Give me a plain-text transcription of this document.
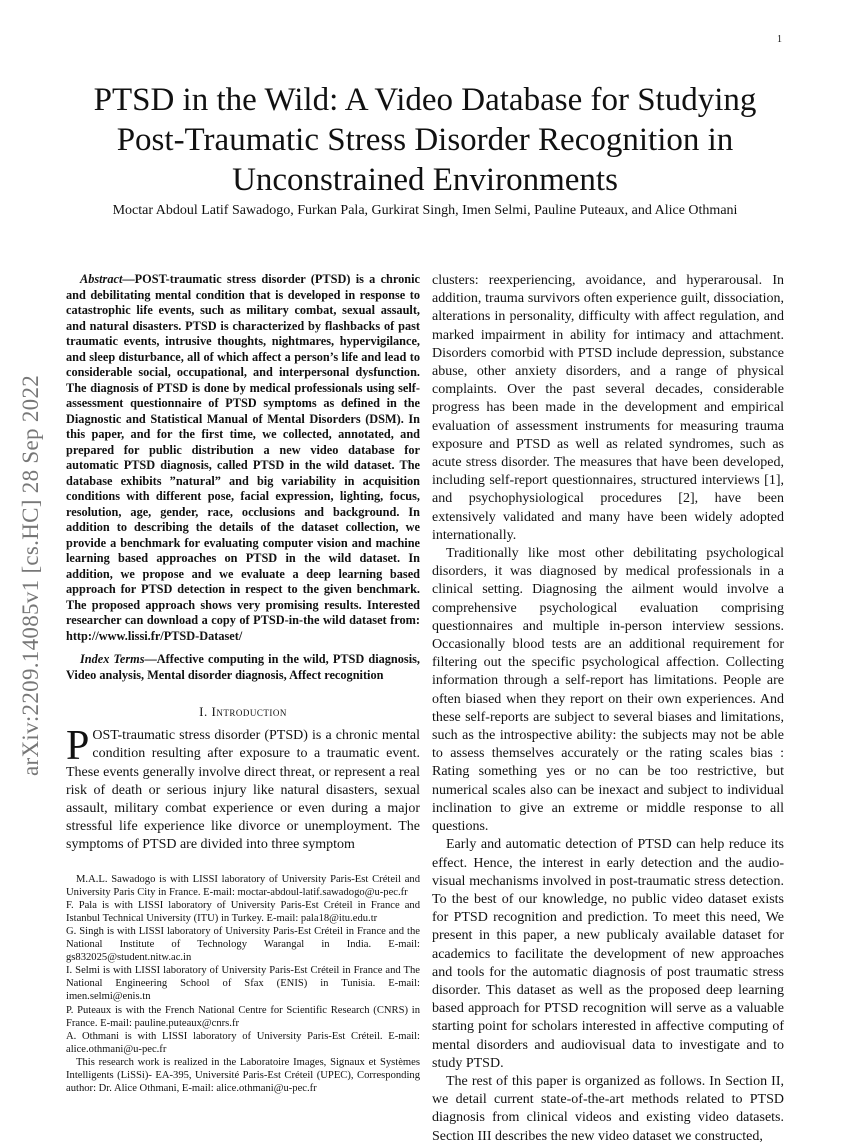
1
arXiv:2209.14085v1 [cs.HC] 28 Sep 2022
PTSD in the Wild: A Video Database for Studying Post-Traumatic Stress Disorder Recognition in Unconstrained Environments
Moctar Abdoul Latif Sawadogo, Furkan Pala, Gurkirat Singh, Imen Selmi, Pauline Puteaux, and Alice Othmani
Abstract—POST-traumatic stress disorder (PTSD) is a chronic and debilitating mental condition that is developed in response to catastrophic life events, such as military combat, sexual assault, and natural disasters. PTSD is characterized by flashbacks of past traumatic events, intrusive thoughts, nightmares, hypervigilance, and sleep disturbance, all of which affect a person’s life and lead to considerable social, occupational, and interpersonal dysfunction. The diagnosis of PTSD is done by medical professionals using self-assessment questionnaire of PTSD symptoms as defined in the Diagnostic and Statistical Manual of Mental Disorders (DSM). In this paper, and for the first time, we collected, annotated, and prepared for public distribution a new video database for automatic PTSD diagnosis, called PTSD in the wild dataset. The database exhibits ”natural” and big variability in acquisition conditions with different pose, facial expression, lighting, focus, resolution, age, gender, race, occlusions and background. In addition to describing the details of the dataset collection, we provide a benchmark for evaluating computer vision and machine learning based approaches on PTSD in the wild dataset. In addition, we propose and we evaluate a deep learning based approach for PTSD detection in respect to the given benchmark. The proposed approach shows very promising results. Interested researcher can download a copy of PTSD-in-the wild dataset from: http://www.lissi.fr/PTSD-Dataset/
Index Terms—Affective computing in the wild, PTSD diagnosis, Video analysis, Mental disorder diagnosis, Affect recognition
I. Introduction

POST-traumatic stress disorder (PTSD) is a chronic mental condition resulting after exposure to a traumatic event. These events generally involve direct threat, or represent a real risk of death or serious injury like natural disasters, sexual assault, military combat experience or even during a major stressful life experience like divorce or unemployment. The symptoms of PTSD are divided into three symptom

M.A.L. Sawadogo is with LISSI laboratory of University Paris-Est Créteil and University Paris City in France. E-mail: moctar-abdoul-latif.sawadogo@u-pec.fr

F. Pala is with LISSI laboratory of University Paris-Est Créteil in France and Istanbul Technical University (ITU) in Turkey. E-mail: pala18@itu.edu.tr

G. Singh is with LISSI laboratory of University Paris-Est Créteil in France and the National Institute of Technology Warangal in India. E-mail: gs832025@student.nitw.ac.in

I. Selmi is with LISSI laboratory of University Paris-Est Créteil in France and The National Engineering School of Sfax (ENIS) in Tunisia. E-mail: imen.selmi@enis.tn

P. Puteaux is with the French National Centre for Scientific Research (CNRS) in France. E-mail: pauline.puteaux@cnrs.fr

A. Othmani is with LISSI laboratory of University Paris-Est Créteil. E-mail: alice.othmani@u-pec.fr

This research work is realized in the Laboratoire Images, Signaux et Systèmes Intelligents (LiSSi)- EA-395, Université Paris-Est Créteil (UPEC), Corresponding author: Dr. Alice Othmani, E-mail: alice.othmani@u-pec.fr

clusters: reexperiencing, avoidance, and hyperarousal. In addition, trauma survivors often experience guilt, dissociation, alterations in personality, difficulty with affect regulation, and marked impairment in ability for intimacy and attachment. Disorders comorbid with PTSD include depression, substance abuse, other anxiety disorders, and a range of physical complaints. Over the past several decades, considerable progress has been made in the development and empirical evaluation of assessment instruments for measuring trauma exposure and PTSD as well as related syndromes, such as acute stress disorder. The measures that have been developed, including self-report questionnaires, structured interviews [1], and psychophysiological procedures [2], have been extensively validated and many have been widely adopted internationally.

Traditionally like most other debilitating psychological disorders, it was diagnosed by medical professionals in a clinical setting. Diagnosing the ailment would involve a comprehensive psychological evaluation comprising questionnaires and multiple in-person interview sessions. Occasionally blood tests are an additional requirement for filtering out the specific psychological affection. Collecting information through a self-report has limitations. People are often biased when they report on their own experiences. And these self-reports are subject to several biases and limitations, such as the introspective ability: the subjects may not be able to assess themselves accurately or the rating scales bias : Rating something yes or no can be too restrictive, but numerical scales also can be inexact and subject to individual inclination to give an extreme or middle response to all questions.

Early and automatic detection of PTSD can help reduce its effect. Hence, the interest in early detection and the audio-visual mechanisms involved in post-traumatic stress detection. To the best of our knowledge, no public video dataset exists for PTSD recognition and prediction. To meet this need, We present in this paper, a new publicaly available dataset for academics to facilitate the development of new approaches and tools for the automatic diagnosis of post traumatic stress disorder. This dataset as well as the proposed deep learning based approach for PTSD recognition will serve as a valuable starting point for scholars interested in affective computing of mental disorders and audiovisual data to investigate and to study PTSD.

The rest of this paper is organized as follows. In Section II, we detail current state-of-the-art methods related to PTSD diagnosis from clinical videos and existing video datasets. Section III describes the new video dataset we constructed,
